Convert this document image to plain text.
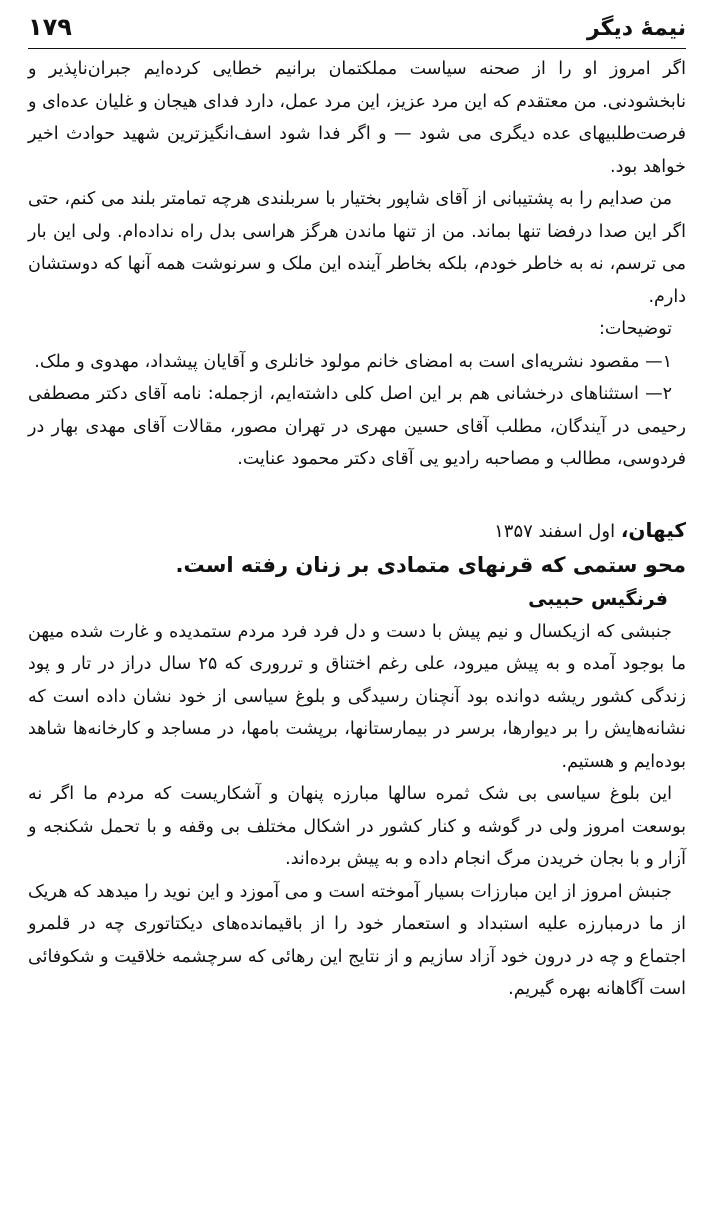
نیمهٔ دیگر
۱۷۹

اگر امروز او را از صحنه سیاست مملکتمان برانیم خطایی کرده‌ایم جبران‌ناپذیر و نابخشودنی. من معتقدم که این مرد عزیز، این مرد عمل، دارد فدای هیجان و غلیان عده‌ای و فرصت‌طلبیهای عده دیگری می شود — و اگر فدا شود اسف‌انگیزترین شهید حوادث اخیر خواهد بود.

من صدایم را به پشتیبانی از آقای شاپور بختیار با سربلندی هرچه تمامتر بلند می کنم، حتی اگر این صدا درفضا تنها بماند. من از تنها ماندن هرگز هراسی بدل راه نداده‌ام. ولی این بار می ترسم، نه به خاطر خودم، بلکه بخاطر آینده این ملک و سرنوشت همه آنها که دوستشان دارم.

توضیحات:

۱— مقصود نشریه‌ای است به امضای خانم مولود خانلری و آقایان پیشداد، مهدوی و ملک.

۲— استثناهای درخشانی هم بر این اصل کلی داشته‌ایم، ازجمله: نامه آقای دکتر مصطفی رحیمی در آیندگان، مطلب آقای حسین مهری در تهران مصور، مقالات آقای مهدی بهار در فردوسی، مطالب و مصاحبه رادیو یی آقای دکتر محمود عنایت.

کیهان، اول اسفند ۱۳۵۷
محو ستمی که قرنهای متمادی بر زنان رفته است.
فرنگیس حبیبی

جنبشی که ازیکسال و نیم پیش با دست و دل فرد فرد مردم ستمدیده و غارت شده میهن ما بوجود آمده و به پیش میرود، علی رغم اختناق و ترروری که ۲۵ سال دراز در تار و پود زندگی کشور ریشه دوانده بود آنچنان رسیدگی و بلوغ سیاسی از خود نشان داده است که نشانه‌هایش را بر دیوارها، برسر در بیمارستانها، برپشت بامها، در مساجد و کارخانه‌ها شاهد بوده‌ایم و هستیم.

این بلوغ سیاسی بی شک ثمره سالها مبارزه پنهان و آشکاریست که مردم ما اگر نه بوسعت امروز ولی در گوشه و کنار کشور در اشکال مختلف بی وقفه و با تحمل شکنجه و آزار و با بجان خریدن مرگ انجام داده و به پیش برده‌اند.

جنبش امروز از این مبارزات بسیار آموخته است و می آموزد و این نوید را میدهد که هریک از ما درمبارزه علیه استبداد و استعمار خود را از باقیمانده‌های دیکتاتوری چه در قلمرو اجتماع و چه در درون خود آزاد سازیم و از نتایج این رهائی که سرچشمه خلاقیت و شکوفائی است آگاهانه بهره گیریم.
